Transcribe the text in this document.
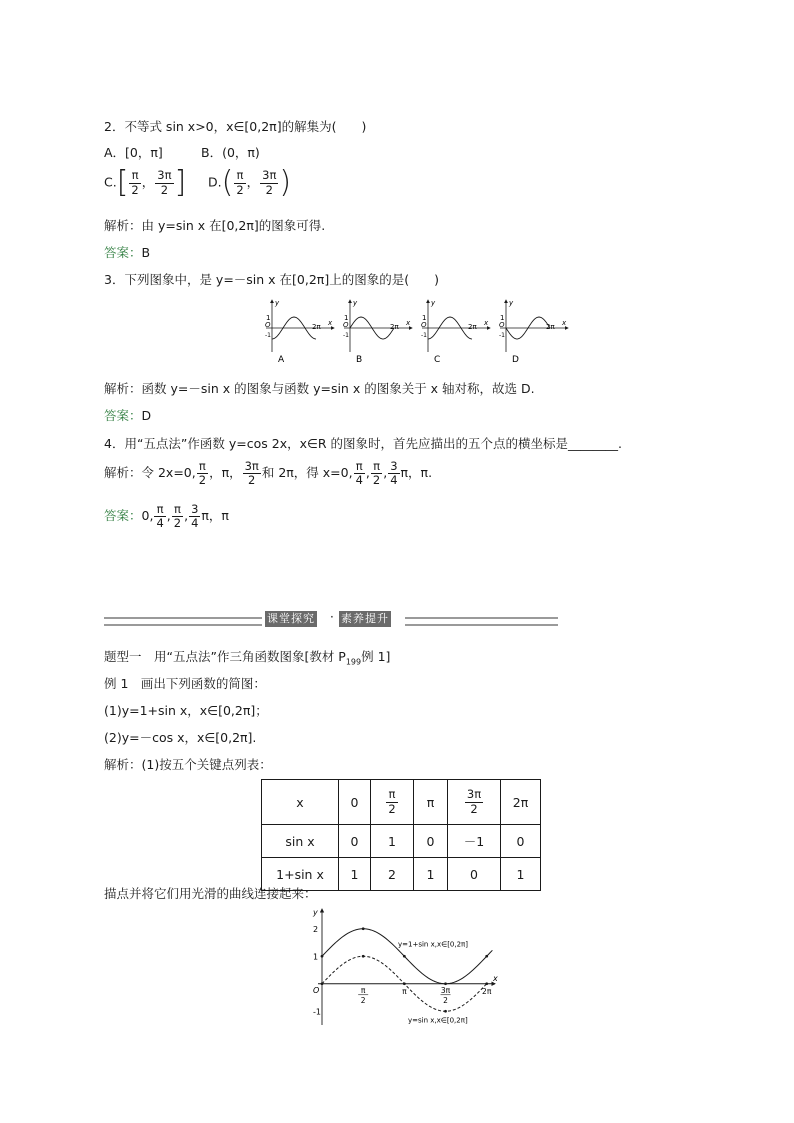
2．不等式 sin x>0，x∈[0,2π]的解集为(　　)
A．[0，π]	B．(0，π)
$C.[ \frac{\pi}{2}$ ， $\frac{3\pi}{2}$ ] $D.( \frac{\pi}{2}$ ， $\frac{3\pi}{2}$ )
解析：由 y=sin x 在[0,2π]的图象可得.
答案：B
3．下列图象中，是 y=－sin x 在[0,2π]上的图象的是(　　)
1
-1
O
y
x
2π
A
1
-1
O
y
x
2π
B
1
-1
O
y
x
2π
C
1
-1
O
y
x
2π
D
解析：函数 y=－sin x 的图象与函数 y=sin x 的图象关于 x 轴对称，故选 D.
答案：D
4．用“五点法”作函数 y=cos 2x，x∈R 的图象时，首先应描出的五个点的横坐标是________.
解析：令 2x=0, $\frac{\pi}{2}$ ，π， $\frac{3\pi}{2}$ 和 2π，得 x=0, $\frac{\pi}{4}$ , $\frac{\pi}{2}$ , $\frac{3}{4}$ π，π.
答案：0, $\frac{\pi}{4}$ , $\frac{\pi}{2}$ , $\frac{3}{4}$ π，π
课堂探究 · 素养提升
题型一　用“五点法”作三角函数图象[教材 $P_{199}$例 1]
例 1　画出下列函数的简图：
(1)y=1+sin x，x∈[0,2π]；
(2)y=－cos x，x∈[0,2π].
解析：(1)按五个关键点列表：
x	0	$\frac{\pi}{2}$	π	$\frac{3\pi}{2}$	2π
sin x	0	1	0	－1	0
1+sin x	1	2	1	0	1
描点并将它们用光滑的曲线连接起来：
y
x
2
1
-1
O	π
2
π	3π
2
2π
y=1+sin x,x∈[0,2π]
y=sin x,x∈[0,2π]
